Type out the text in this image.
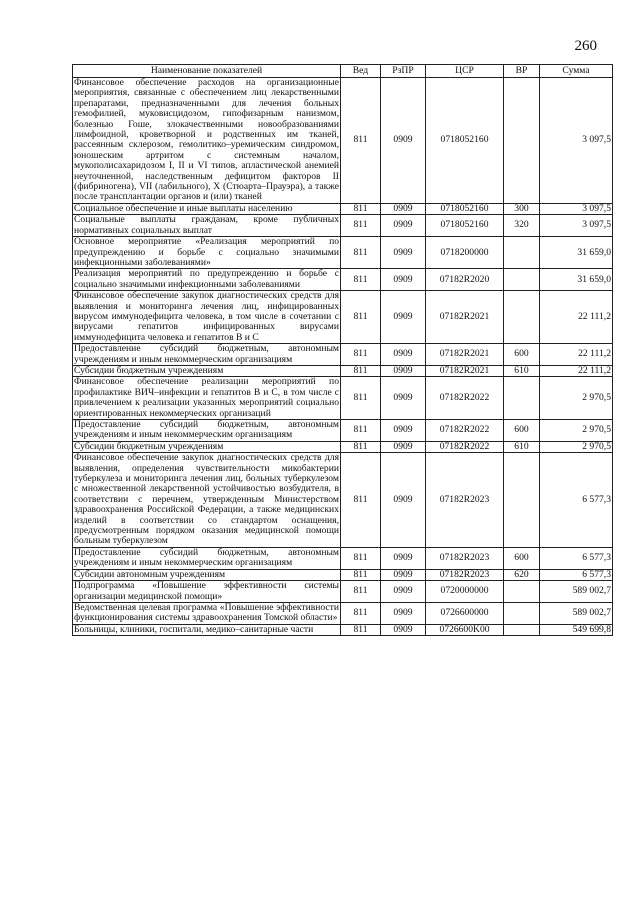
260
Наименование показателей	Вед	РзПР	ЦСР	ВР	Сумма
Финансовое обеспечение расходов на организационные мероприятия, связанные с обеспечением лиц лекарственными препаратами, предназначенными для лечения больных гемофилией, муковисцидозом, гипофизарным нанизмом, болезнью Гоше, злокачественными новообразованиями лимфоидной, кроветворной и родственных им тканей, рассеянным склерозом, гемолитико–уремическим синдромом, юношеским артритом с системным началом, мукополисахаридозом I, II и VI типов, апластической анемией неуточненной, наследственным дефицитом факторов II (фибриногена), VII (лабильного), X (Стюарта–Прауэра), а также после трансплантации органов и (или) тканей	811	0909	0718052160		3 097,5
Социальное обеспечение и иные выплаты населению	811	0909	0718052160	300	3 097,5
Социальные выплаты гражданам, кроме публичных нормативных социальных выплат	811	0909	0718052160	320	3 097,5
Основное мероприятие «Реализация мероприятий по предупреждению и борьбе с социально значимыми инфекционными заболеваниями»	811	0909	0718200000		31 659,0
Реализация мероприятий по предупреждению и борьбе с социально значимыми инфекционными заболеваниями	811	0909	07182R2020		31 659,0
Финансовое обеспечение закупок диагностических средств для выявления и мониторинга лечения лиц, инфицированных вирусом иммунодефицита человека, в том числе в сочетании с вирусами гепатитов инфицированных вирусами иммунодефицита человека и гепатитов B и C	811	0909	07182R2021		22 111,2
Предоставление субсидий бюджетным, автономным учреждениям и иным некоммерческим организациям	811	0909	07182R2021	600	22 111,2
Субсидии бюджетным учреждениям	811	0909	07182R2021	610	22 111,2
Финансовое обеспечение реализации мероприятий по профилактике ВИЧ–инфекции и гепатитов B и C, в том числе с привлечением к реализации указанных мероприятий социально ориентированных некоммерческих организаций	811	0909	07182R2022		2 970,5
Предоставление субсидий бюджетным, автономным учреждениям и иным некоммерческим организациям	811	0909	07182R2022	600	2 970,5
Субсидии бюджетным учреждениям	811	0909	07182R2022	610	2 970,5
Финансовое обеспечение закупок диагностических средств для выявления, определения чувствительности микобактерии туберкулеза и мониторинга лечения лиц, больных туберкулезом с множественной лекарственной устойчивостью возбудителя, в соответствии с перечнем, утвержденным Министерством здравоохранения Российской Федерации, а также медицинских изделий в соответствии со стандартом оснащения, предусмотренным порядком оказания медицинской помощи больным туберкулезом	811	0909	07182R2023		6 577,3
Предоставление субсидий бюджетным, автономным учреждениям и иным некоммерческим организациям	811	0909	07182R2023	600	6 577,3
Субсидии автономным учреждениям	811	0909	07182R2023	620	6 577,3
Подпрограмма «Повышение эффективности системы организации медицинской помощи»	811	0909	0720000000		589 002,7
Ведомственная целевая программа «Повышение эффективности функционирования системы здравоохранения Томской области»	811	0909	0726600000		589 002,7
Больницы, клиники, госпитали, медико–санитарные части	811	0909	0726600K00		549 699,8
